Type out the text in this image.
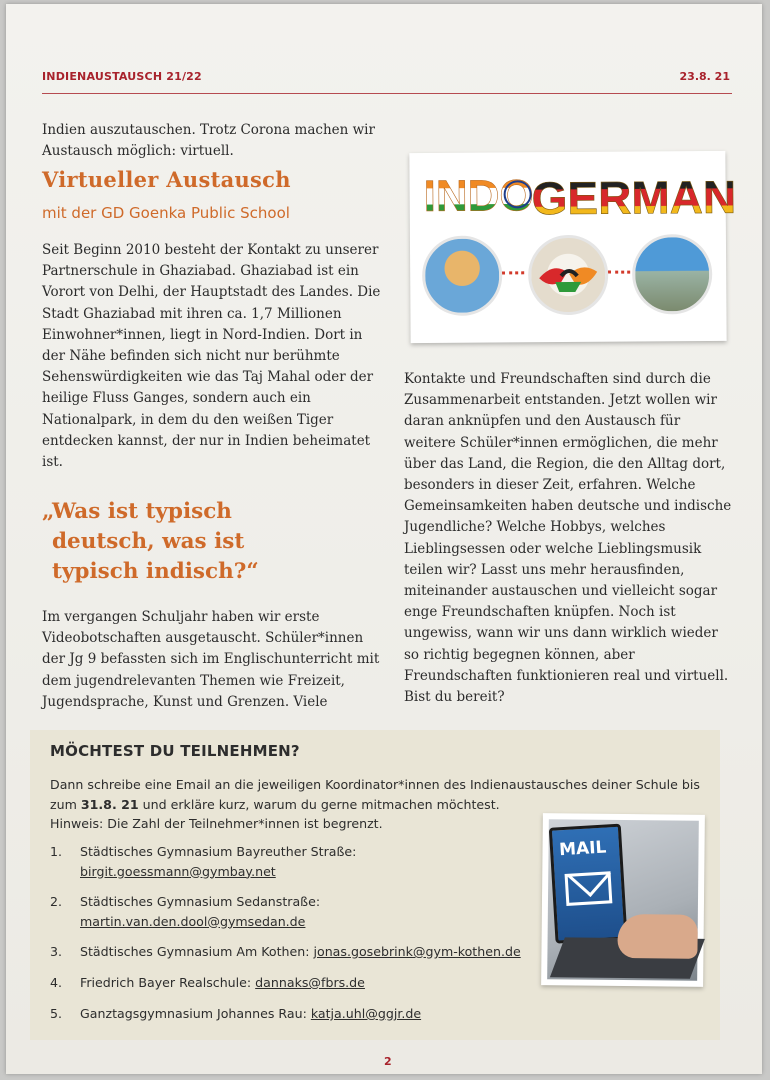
INDIENAUSTAUSCH 21/22	23.8. 21
Indien auszutauschen. Trotz Corona machen wir Austausch möglich: virtuell.
Virtueller Austausch
mit der GD Goenka Public School
Seit Beginn 2010 besteht der Kontakt zu unserer Partnerschule in Ghaziabad. Ghaziabad ist ein Vorort von Delhi, der Hauptstadt des Landes. Die Stadt Ghaziabad mit ihren ca. 1,7 Millionen Einwohner*innen, liegt in Nord-Indien. Dort in der Nähe befinden sich nicht nur berühmte Sehenswürdigkeiten wie das Taj Mahal oder der heilige Fluss Ganges, sondern auch ein Nationalpark, in dem du den weißen Tiger entdecken kannst, der nur in Indien beheimatet ist.
„Was ist typisch
deutsch, was ist
typisch indisch?“
Im vergangen Schuljahr haben wir erste Videobotschaften ausgetauscht. Schüler*innen der Jg 9 befassten sich im Englischunterricht mit dem jugendrelevanten Themen wie Freizeit, Jugendsprache, Kunst und Grenzen. Viele
INDO
GERMAN
Kontakte und Freundschaften sind durch die Zusammenarbeit entstanden. Jetzt wollen wir daran anknüpfen und den Austausch für weitere Schüler*innen ermöglichen, die mehr über das Land, die Region, die den Alltag dort, besonders in dieser Zeit, erfahren. Welche Gemeinsamkeiten haben deutsche und indische Jugendliche? Welche Hobbys, welches Lieblingsessen oder welche Lieblingsmusik teilen wir? Lasst uns mehr herausfinden, miteinander austauschen und vielleicht sogar enge Freundschaften knüpfen. Noch ist ungewiss, wann wir uns dann wirklich wieder so richtig begegnen können, aber Freundschaften funktionieren real und virtuell. Bist du bereit?
MÖCHTEST DU TEILNEHMEN?
Dann schreibe eine Email an die jeweiligen Koordinator*innen des Indienaustausches deiner Schule bis zum 31.8. 21 und erkläre kurz, warum du gerne mitmachen möchtest.
Hinweis: Die Zahl der Teilnehmer*innen ist begrenzt.
1.	Städtisches Gymnasium Bayreuther Straße:
birgit.goessmann@gymbay.net
2.	Städtisches Gymnasium Sedanstraße:
martin.van.den.dool@gymsedan.de
3.	Städtisches Gymnasium Am Kothen: jonas.gosebrink@gym-kothen.de
4.	Friedrich Bayer Realschule: dannaks@fbrs.de
5.	Ganztagsgymnasium Johannes Rau: katja.uhl@ggjr.de
MAIL
2
